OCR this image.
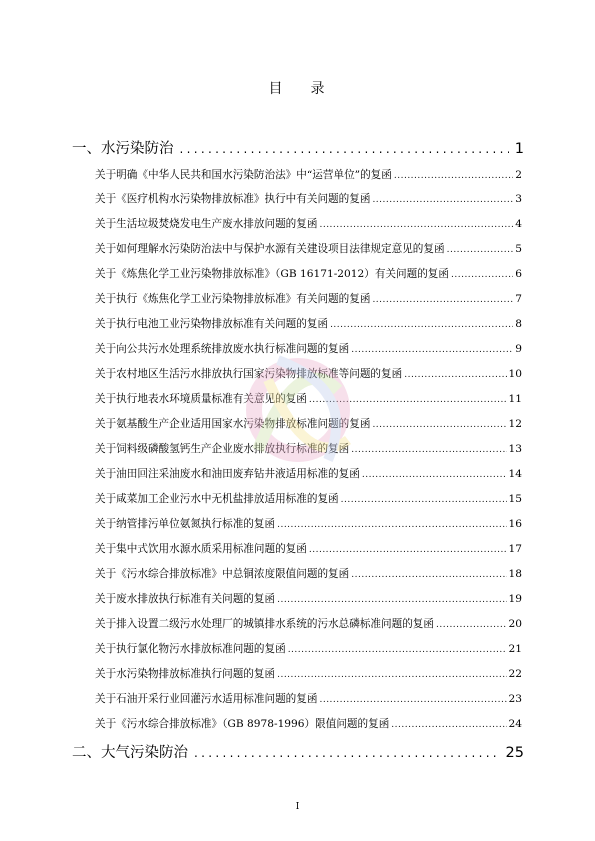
目 录
一、水污染防治 .....	1
关于明确《中华人民共和国水污染防治法》中“运营单位”的复函 .....	2
关于《医疗机构水污染物排放标准》执行中有关问题的复函 .....	3
关于生活垃圾焚烧发电生产废水排放问题的复函 .....	4
关于如何理解水污染防治法中与保护水源有关建设项目法律规定意见的复函 .....	5
关于《炼焦化学工业污染物排放标准》（GB 16171-2012）有关问题的复函 .....	6
关于执行《炼焦化学工业污染物排放标准》有关问题的复函 .....	7
关于执行电池工业污染物排放标准有关问题的复函 .....	8
关于向公共污水处理系统排放废水执行标准问题的复函 .....	9
关于农村地区生活污水排放执行国家污染物排放标准等问题的复函 .....	10
关于执行地表水环境质量标准有关意见的复函 .....	11
关于氨基酸生产企业适用国家水污染物排放标准问题的复函 .....	12
关于饲料级磷酸氢钙生产企业废水排放执行标准的复函 .....	13
关于油田回注采油废水和油田废弃钻井液适用标准的复函 .....	14
关于咸菜加工企业污水中无机盐排放适用标准的复函 .....	15
关于纳管排污单位氨氮执行标准的复函 .....	16
关于集中式饮用水源水质采用标准问题的复函 .....	17
关于《污水综合排放标准》中总铜浓度限值问题的复函 .....	18
关于废水排放执行标准有关问题的复函 .....	19
关于排入设置二级污水处理厂的城镇排水系统的污水总磷标准问题的复函 .....	20
关于执行氯化物污水排放标准问题的复函 .....	21
关于水污染物排放标准执行问题的复函 .....	22
关于石油开采行业回灌污水适用标准问题的复函 .....	23
关于《污水综合排放标准》（GB 8978-1996）限值问题的复函 .....	24
二、大气污染防治 .....	25
I
